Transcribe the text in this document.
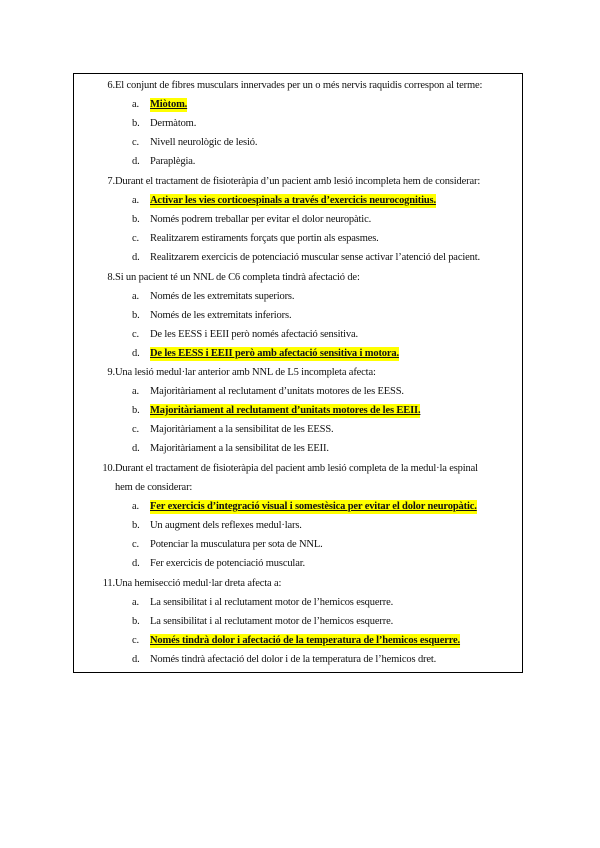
6. El conjunt de fibres musculars innervades per un o més nervis raquidis correspon al terme:
a.	Miòtom.
b. Dermàtom.
c.	Nivell neurològic de lesió.
d. Paraplègia.
7. Durant el tractament de fisioteràpia d’un pacient amb lesió incompleta hem de considerar:
a.	Activar les vies corticoespinals a través d’exercicis neurocognitius.
b. Només podrem treballar per evitar el dolor neuropàtic.
c.	Realitzarem estiraments forçats que portin als espasmes.
d. Realitzarem exercicis de potenciació muscular sense activar l’atenció del pacient.
8. Si un pacient té un NNL de C6 completa tindrà afectació de:
a.	Només de les extremitats superiors.
b. Només de les extremitats inferiors.
c.	De les EESS i EEII però només afectació sensitiva.
d. De les EESS i EEII però amb afectació sensitiva i motora.
9. Una lesió medul·lar anterior amb NNL de L5 incompleta afecta:
a.	Majoritàriament al reclutament d’unitats motores de les EESS.
b. Majoritàriament al reclutament d’unitats motores de les EEII.
c.	Majoritàriament a la sensibilitat de les EESS.
d. Majoritàriament a la sensibilitat de les EEII.
10. Durant el tractament de fisioteràpia del pacient amb lesió completa de la medul·la espinal
hem de considerar:
a.	Fer exercicis d’integració visual i somestèsica per evitar el dolor neuropàtic.
b. Un augment dels reflexes medul·lars.
c.	Potenciar la musculatura per sota de NNL.
d. Fer exercicis de potenciació muscular.
11. Una hemisecció medul·lar dreta afecta a:
a.	La sensibilitat i al reclutament motor de l’hemicos esquerre.
b. La sensibilitat i al reclutament motor de l’hemicos esquerre.
c.	Només tindrà dolor i afectació de la temperatura de l’hemicos esquerre.
d. Només tindrà afectació del dolor i de la temperatura de l’hemicos dret.
